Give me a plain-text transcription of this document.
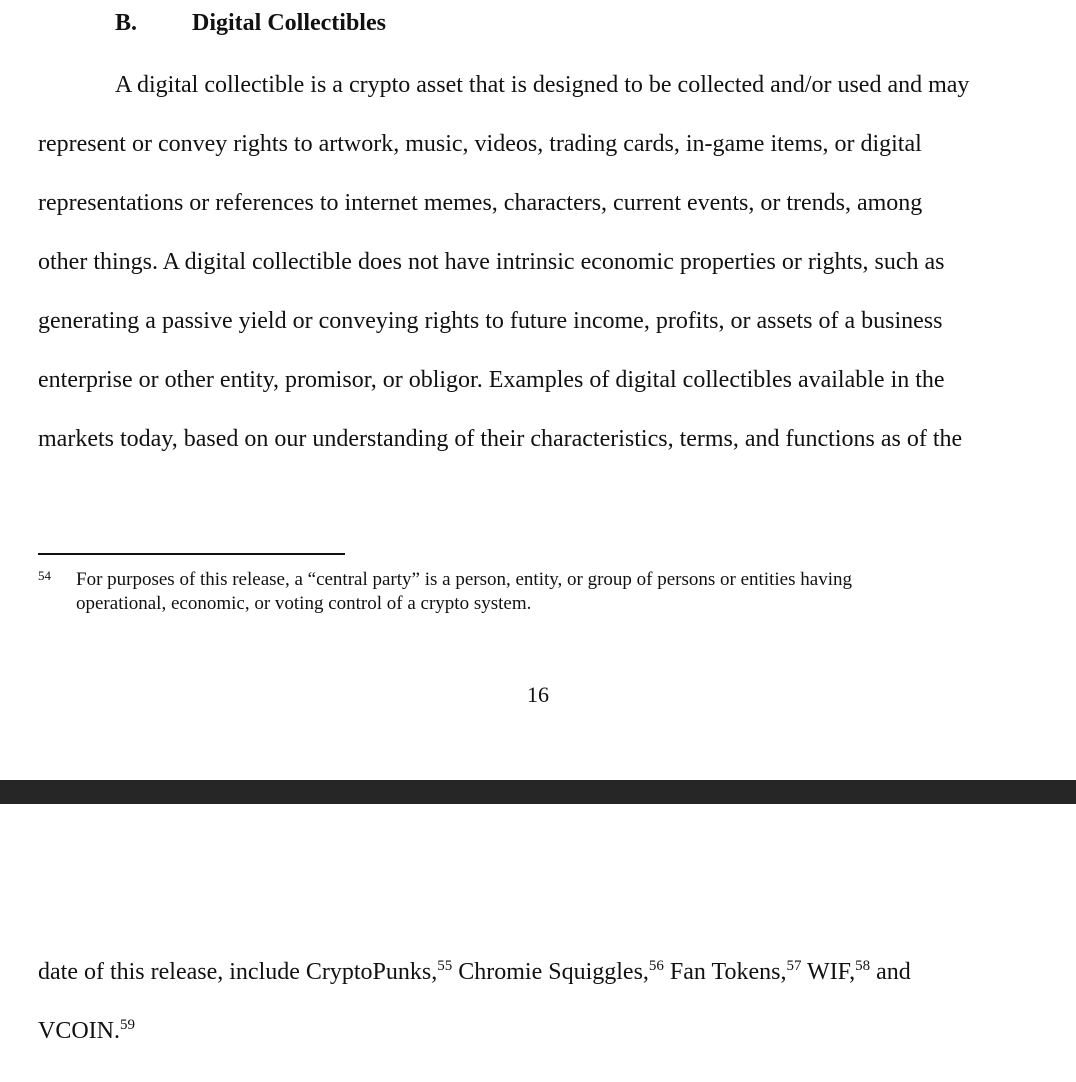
B. Digital Collectibles
A digital collectible is a crypto asset that is designed to be collected and/or used and may
represent or convey rights to artwork, music, videos, trading cards, in-game items, or digital
representations or references to internet memes, characters, current events, or trends, among
other things. A digital collectible does not have intrinsic economic properties or rights, such as
generating a passive yield or conveying rights to future income, profits, or assets of a business
enterprise or other entity, promisor, or obligor. Examples of digital collectibles available in the
markets today, based on our understanding of their characteristics, terms, and functions as of the
54 For purposes of this release, a “central party” is a person, entity, or group of persons or entities having
operational, economic, or voting control of a crypto system.
16
date of this release, include CryptoPunks,$^{55}$ Chromie Squiggles,$^{56}$ Fan Tokens,$^{57}$ WIF,$^{58}$ and
VCOIN.$^{59}$
